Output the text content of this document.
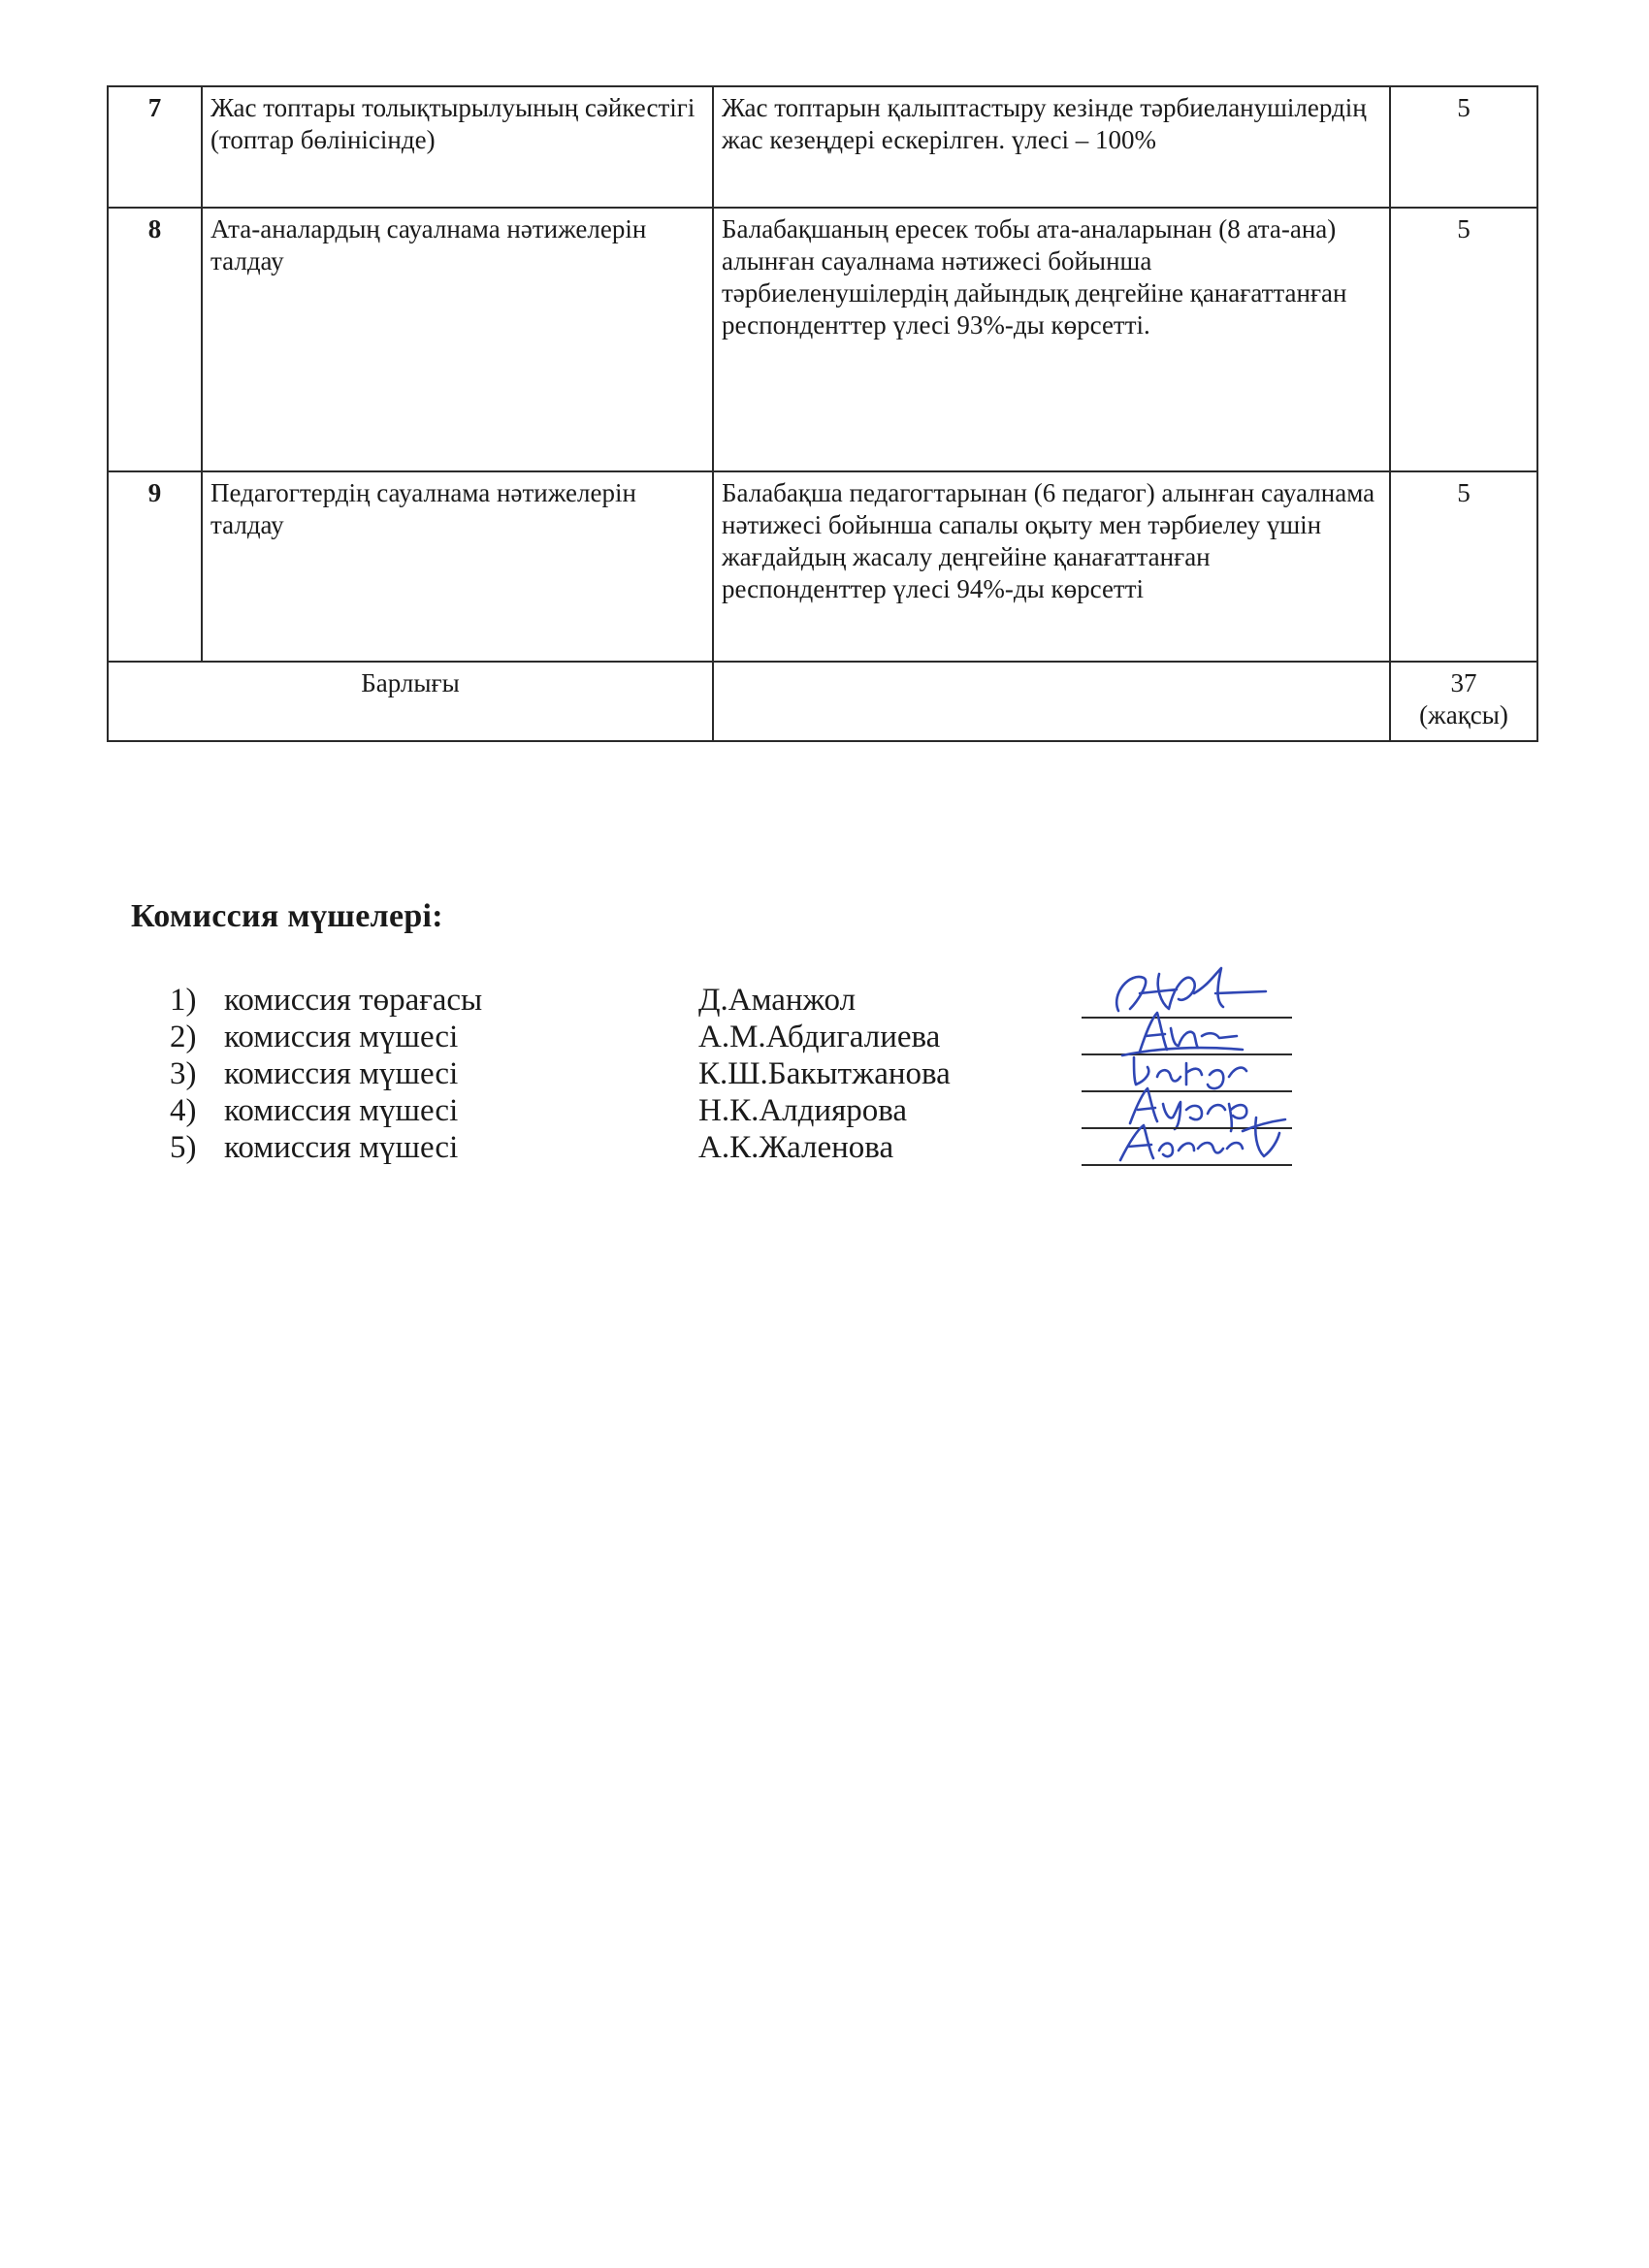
7	Жас топтары толықтырылуының сәйкестігі (топтар бөлінісінде)	Жас топтарын қалыптастыру кезінде тәрбиеланушілердің жас кезеңдері ескерілген. үлесі – 100%	5
8	Ата-аналардың сауалнама нәтижелерін талдау	Балабақшаның ересек тобы ата-аналарынан (8 ата-ана) алынған сауалнама нәтижесі бойынша тәрбиеленушілердің дайындық деңгейіне қанағаттанған респонденттер үлесі 93%-ды көрсетті.	5
9	Педагогтердің сауалнама нәтижелерін талдау	Балабақша педагогтарынан (6 педагог) алынған сауалнама нәтижесі бойынша сапалы оқыту мен тәрбиелеу үшін жағдайдың жасалу деңгейіне қанағаттанған респонденттер үлесі 94%-ды көрсетті	5
Барлығы			37
(жақсы)
Комиссия мүшелері:
1) комиссия төрағасы	Д.Аманжол
2) комиссия мүшесі	А.М.Абдигалиева
3) комиссия мүшесі	К.Ш.Бакытжанова
4) комиссия мүшесі	Н.К.Алдиярова
5) комиссия мүшесі	А.К.Жаленова
